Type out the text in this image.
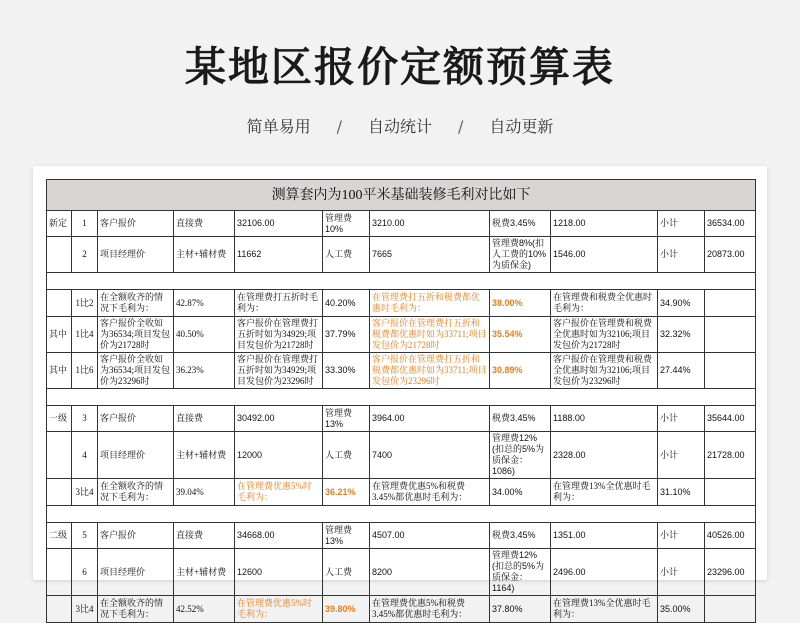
某地区报价定额预算表
简单易用 / 自动统计 / 自动更新
测算套内为100平米基础装修毛利对比如下										
新定	1	客户报价	直接费	32106.00	管理费10%	3210.00	税费3.45%	1218.00	小计	36534.00
	2	项目经理价	主材+辅材费	11662	人工费	7665	管理费8%(扣人工费的10%为质保金)	1546.00	小计	20873.00

	1比2	在全额收齐的情况下毛利为：	42.87%	在管理费打五折时毛利为：	40.20%	在管理费打五折和税费都优惠时毛利为：	38.00%	在管理费和税费全优惠时毛利为：	34.90%	
其中	1比4	客户报价全收如为36534;项目发包价为21728时	40.50%	客户报价在管理费打五折时如为34929;项目发包价为21728时	37.79%	客户报价在管理费打五折和税费都优惠时如为33711;项目发包价为21728时	35.54%	客户报价在管理费和税费全优惠时如为32106;项目发包价为21728时	32.32%	
其中	1比6	客户报价全收如为36534;项目发包价为23296时	36.23%	客户报价在管理费打五折时如为34929;项目发包价为23296时	33.30%	客户报价在管理费打五折和税费都优惠时如为33711;项目发包价为23296时	30.89%	客户报价在管理费和税费全优惠时如为32106;项目发包价为23296时	27.44%	

一级	3	客户报价	直接费	30492.00	管理费13%	3964.00	税费3.45%	1188.00	小计	35644.00
	4	项目经理价	主材+辅材费	12000	人工费	7400	管理费12%(扣总的5%为质保金：1086)	2328.00	小计	21728.00
	3比4	在全额收齐的情况下毛利为：	39.04%	在管理费优惠5%时毛利为：	36.21%	在管理费优惠5%和税费3.45%都优惠时毛利为：	34.00%	在管理费13%全优惠时毛利为：	31.10%	

二级	5	客户报价	直接费	34668.00	管理费13%	4507.00	税费3.45%	1351.00	小计	40526.00
	6	项目经理价	主材+辅材费	12600	人工费	8200	管理费12%(扣总的5%为质保金：1164)	2496.00	小计	23296.00
	3比4	在全额收齐的情况下毛利为：	42.52%	在管理费优惠5%时毛利为：	39.80%	在管理费优惠5%和税费3.45%都优惠时毛利为：	37.80%	在管理费13%全优惠时毛利为：	35.00%	
